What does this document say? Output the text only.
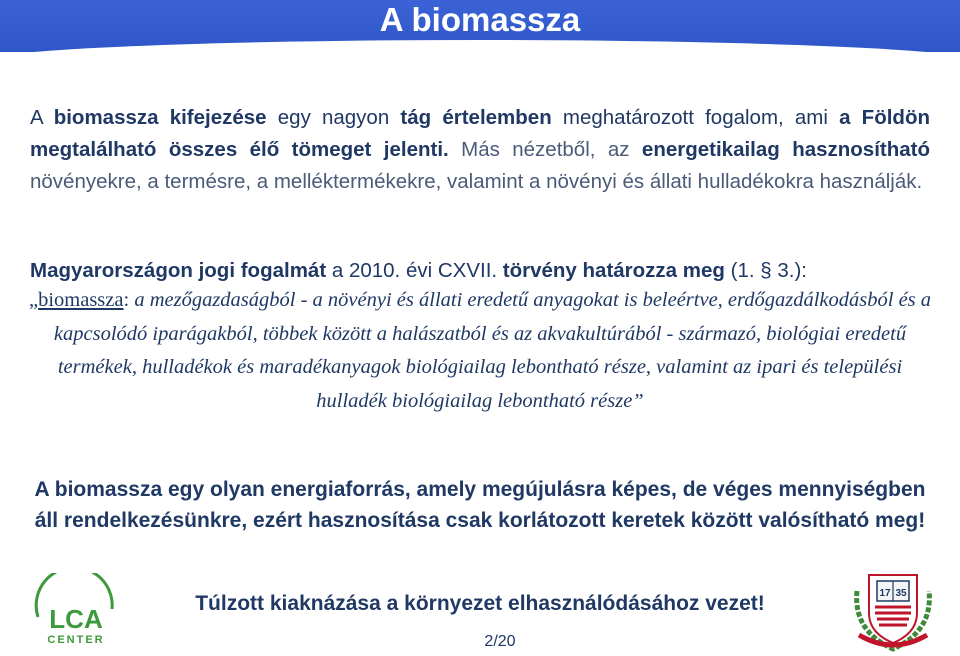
A biomassza
A biomassza kifejezése egy nagyon tág értelemben meghatározott fogalom, ami a Földön megtalálható összes élő tömeget jelenti. Más nézetből, az energetikailag hasznosítható növényekre, a termésre, a melléktermékekre, valamint a növényi és állati hulladékokra használják.
Magyarországon jogi fogalmát a 2010. évi CXVII. törvény határozza meg (1. § 3.):
„biomassza: a mezőgazdaságból - a növényi és állati eredetű anyagokat is beleértve, erdőgazdálkodásból és a kapcsolódó iparágakból, többek között a halászatból és az akvakultúrából - származó, biológiai eredetű termékek, hulladékok és maradékanyagok biológiailag lebontható része, valamint az ipari és települési hulladék biológiailag lebontható része”
A biomassza egy olyan energiaforrás, amely megújulásra képes, de véges mennyiségben áll rendelkezésünkre, ezért hasznosítása csak korlátozott keretek között valósítható meg!
Túlzott kiaknázása a környezet elhasználódásához vezet!
2/20
LCA
CENTER
17 35
